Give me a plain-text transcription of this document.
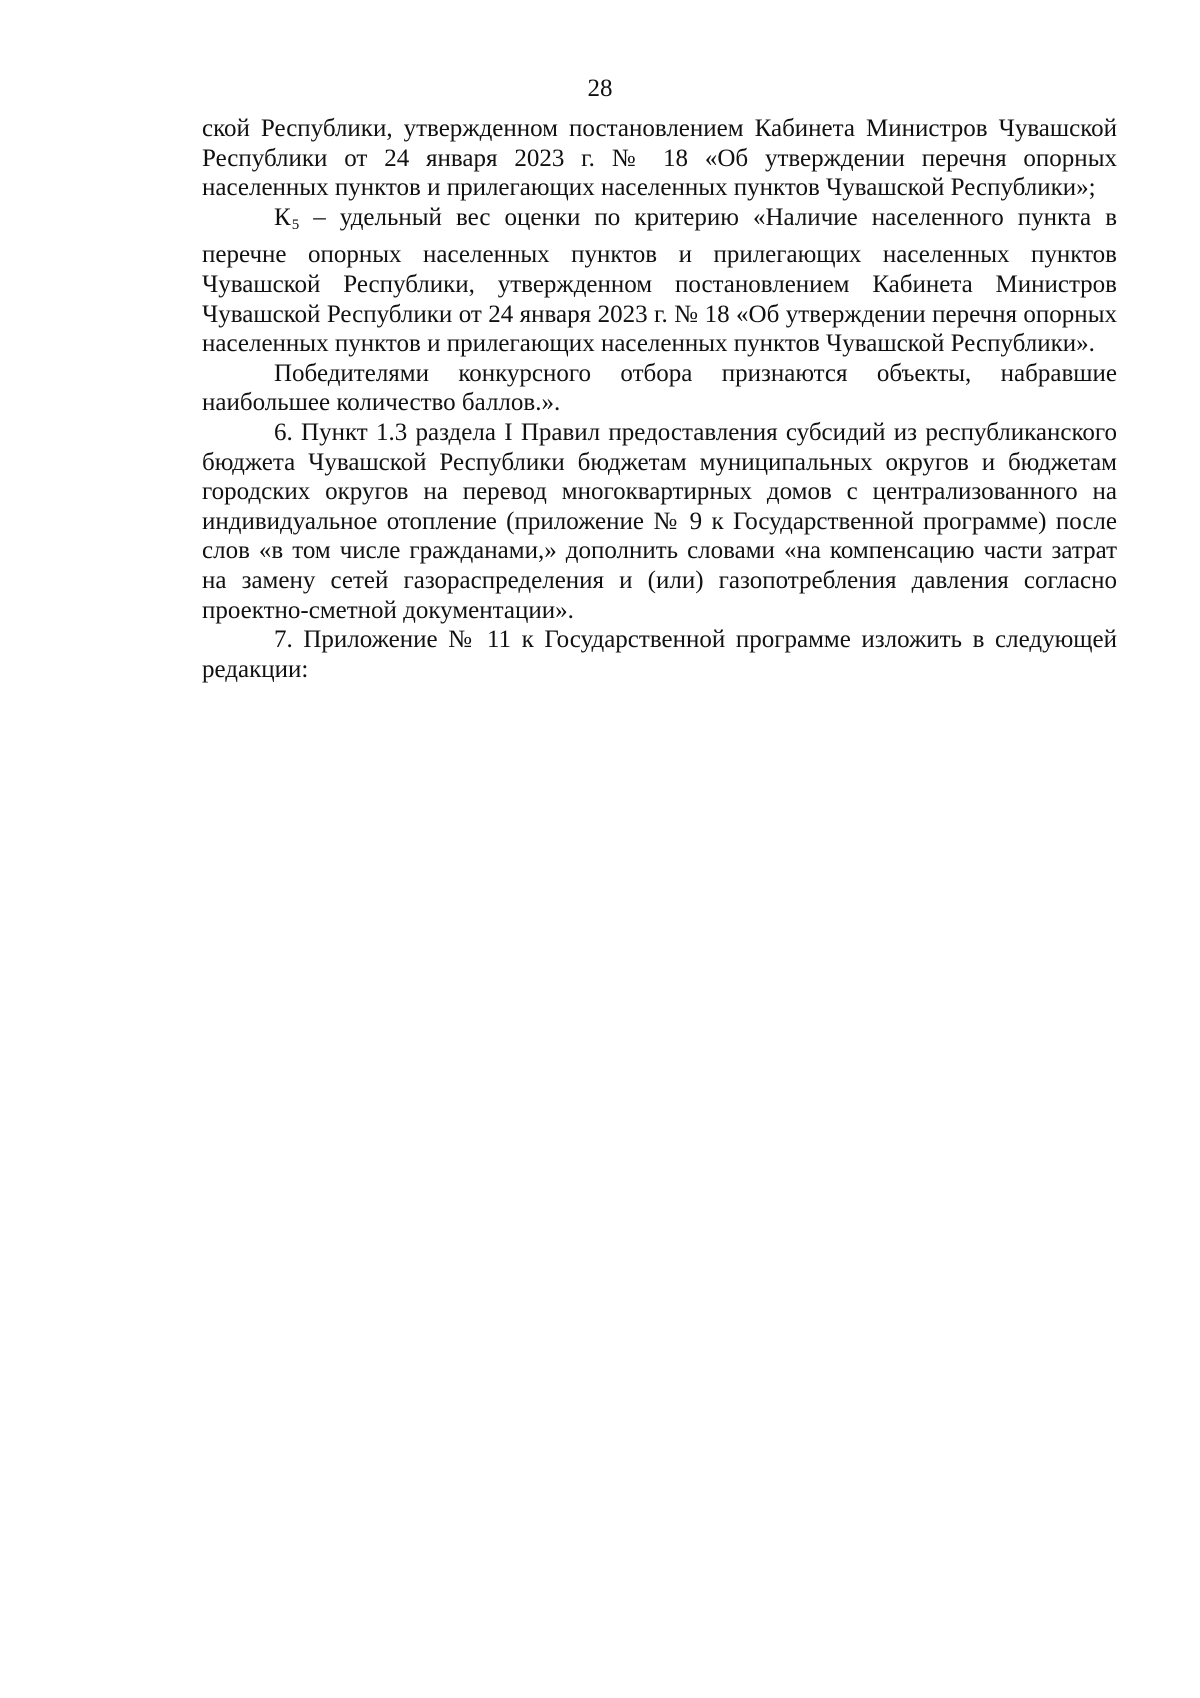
28

ской Республики, утвержденном постановлением Кабинета Министров Чувашской Республики от 24 января 2023 г. № 18 «Об утверждении перечня опорных населенных пунктов и прилегающих населенных пунктов Чувашской Республики»;

$К_5$ – удельный вес оценки по критерию «Наличие населенного пункта в перечне опорных населенных пунктов и прилегающих населенных пунктов Чувашской Республики, утвержденном постановлением Кабинета Министров Чувашской Республики от 24 января 2023 г. № 18 «Об утверждении перечня опорных населенных пунктов и прилегающих населенных пунктов Чувашской Республики».

Победителями конкурсного отбора признаются объекты, набравшие наибольшее количество баллов.».

6. Пункт 1.3 раздела I Правил предоставления субсидий из республиканского бюджета Чувашской Республики бюджетам муниципальных округов и бюджетам городских округов на перевод многоквартирных домов с централизованного на индивидуальное отопление (приложение № 9 к Государственной программе) после слов «в том числе гражданами,» дополнить словами «на компенсацию части затрат на замену сетей газораспределения и (или) газопотребления давления согласно проектно-сметной документации».

7. Приложение № 11 к Государственной программе изложить в следующей редакции:
